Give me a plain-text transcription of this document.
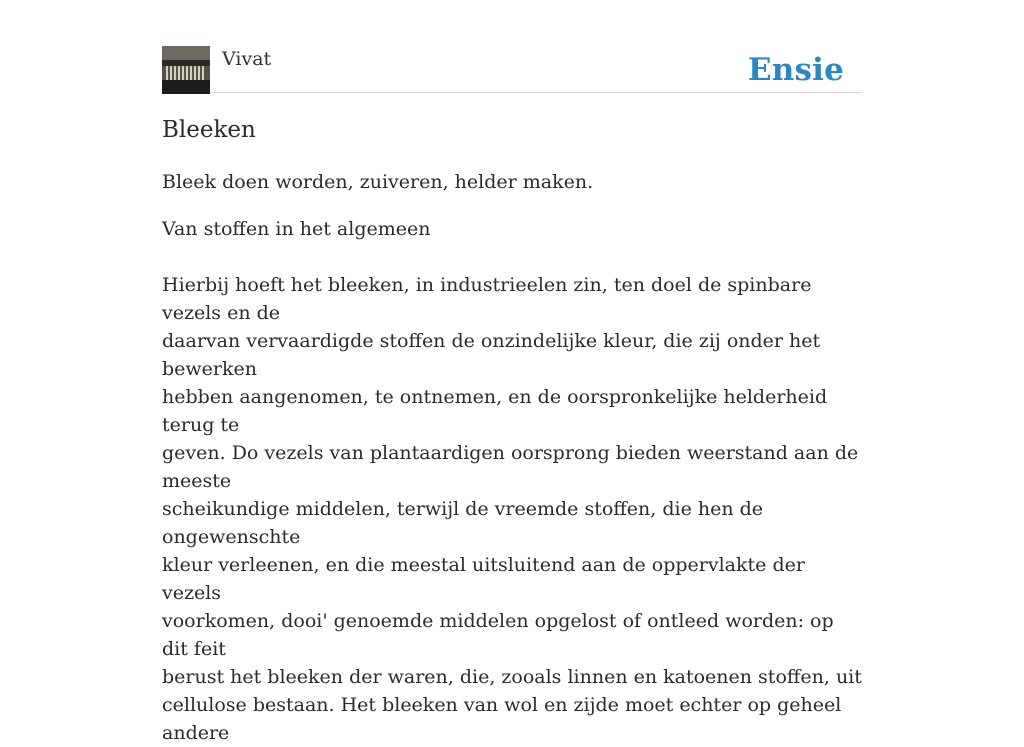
Vivat	Ensie
Bleeken

Bleek doen worden, zuiveren, helder maken.

Van stoffen in het algemeen

Hierbij hoeft het bleeken, in industrieelen zin, ten doel de spinbare vezels en de
daarvan vervaardigde stoffen de onzindelijke kleur, die zij onder het bewerken
hebben aangenomen, te ontnemen, en de oorspronkelijke helderheid terug te
geven. Do vezels van plantaardigen oorsprong bieden weerstand aan de meeste
scheikundige middelen, terwijl de vreemde stoffen, die hen de ongewenschte
kleur verleenen, en die meestal uitsluitend aan de oppervlakte der vezels
voorkomen, dooi' genoemde middelen opgelost of ontleed worden: op dit feit
berust het bleeken der waren, die, zooals linnen en katoenen stoffen, uit
cellulose bestaan. Het bleeken van wol en zijde moet echter op geheel andere
